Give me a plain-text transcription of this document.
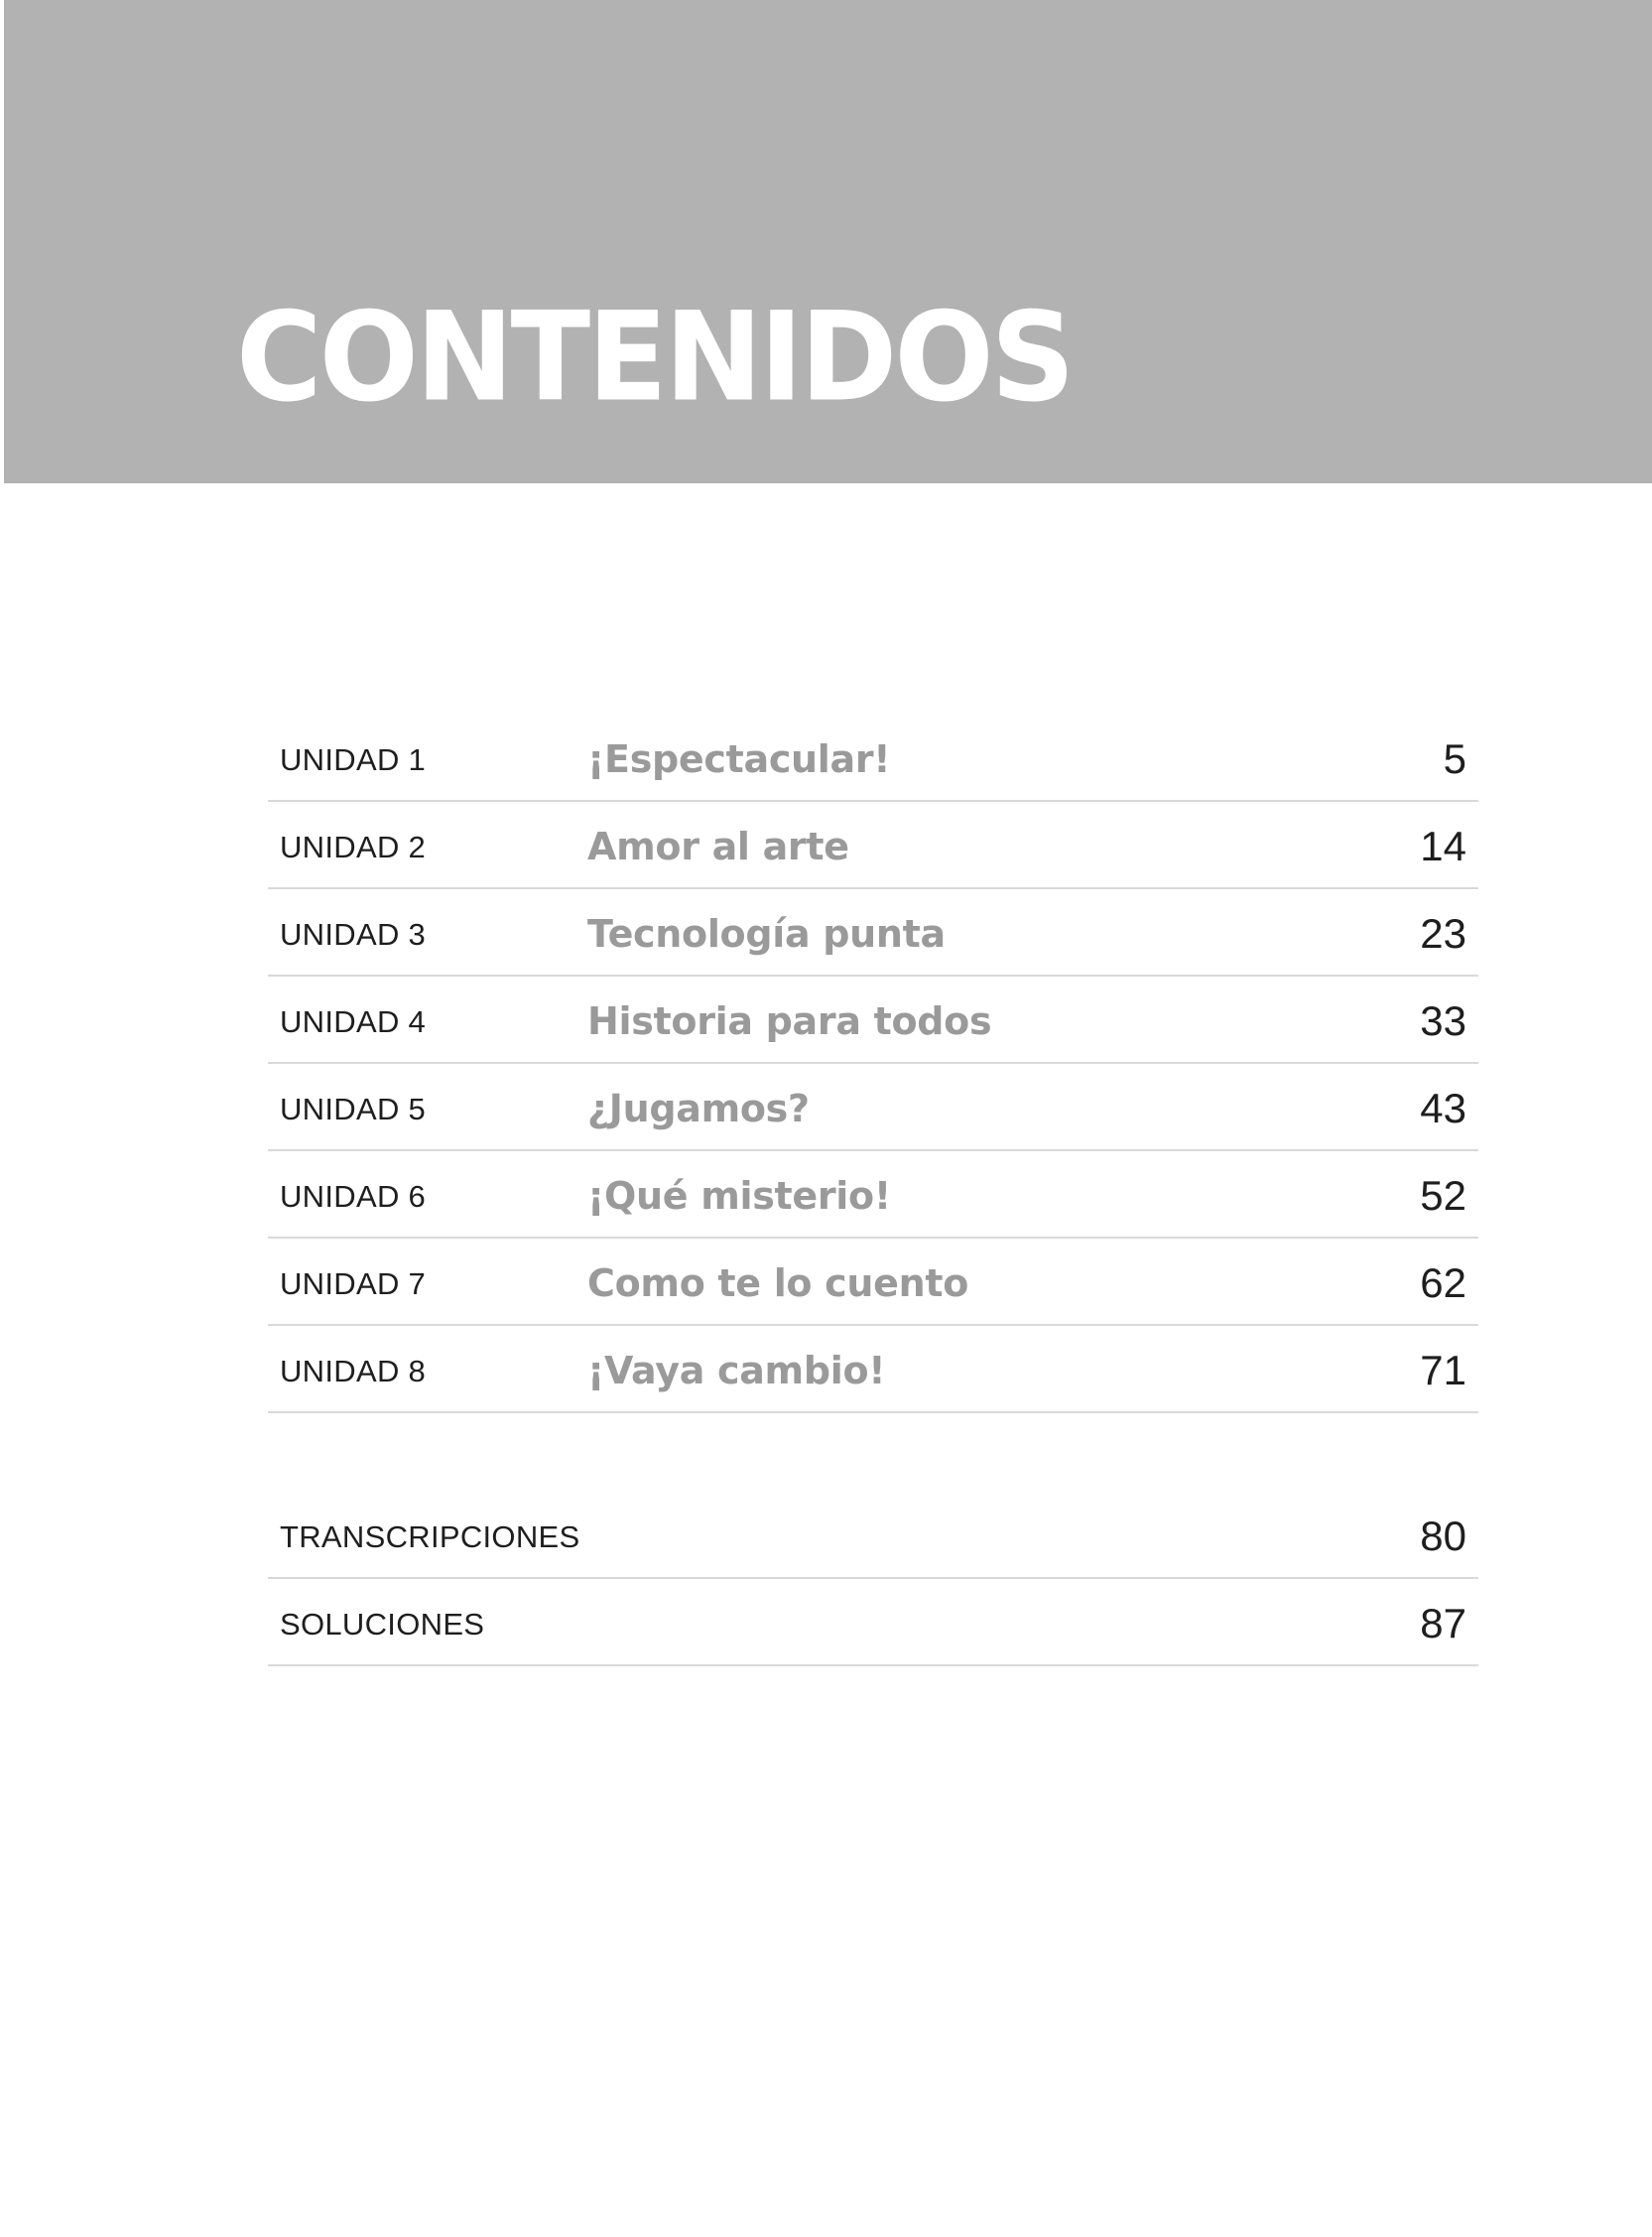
CONTENIDOS
UNIDAD 1	¡Espectacular!	5
UNIDAD 2	Amor al arte	14
UNIDAD 3	Tecnología punta	23
UNIDAD 4	Historia para todos	33
UNIDAD 5	¿Jugamos?	43
UNIDAD 6	¡Qué misterio!	52
UNIDAD 7	Como te lo cuento	62
UNIDAD 8	¡Vaya cambio!	71
TRANSCRIPCIONES	80
SOLUCIONES	87
